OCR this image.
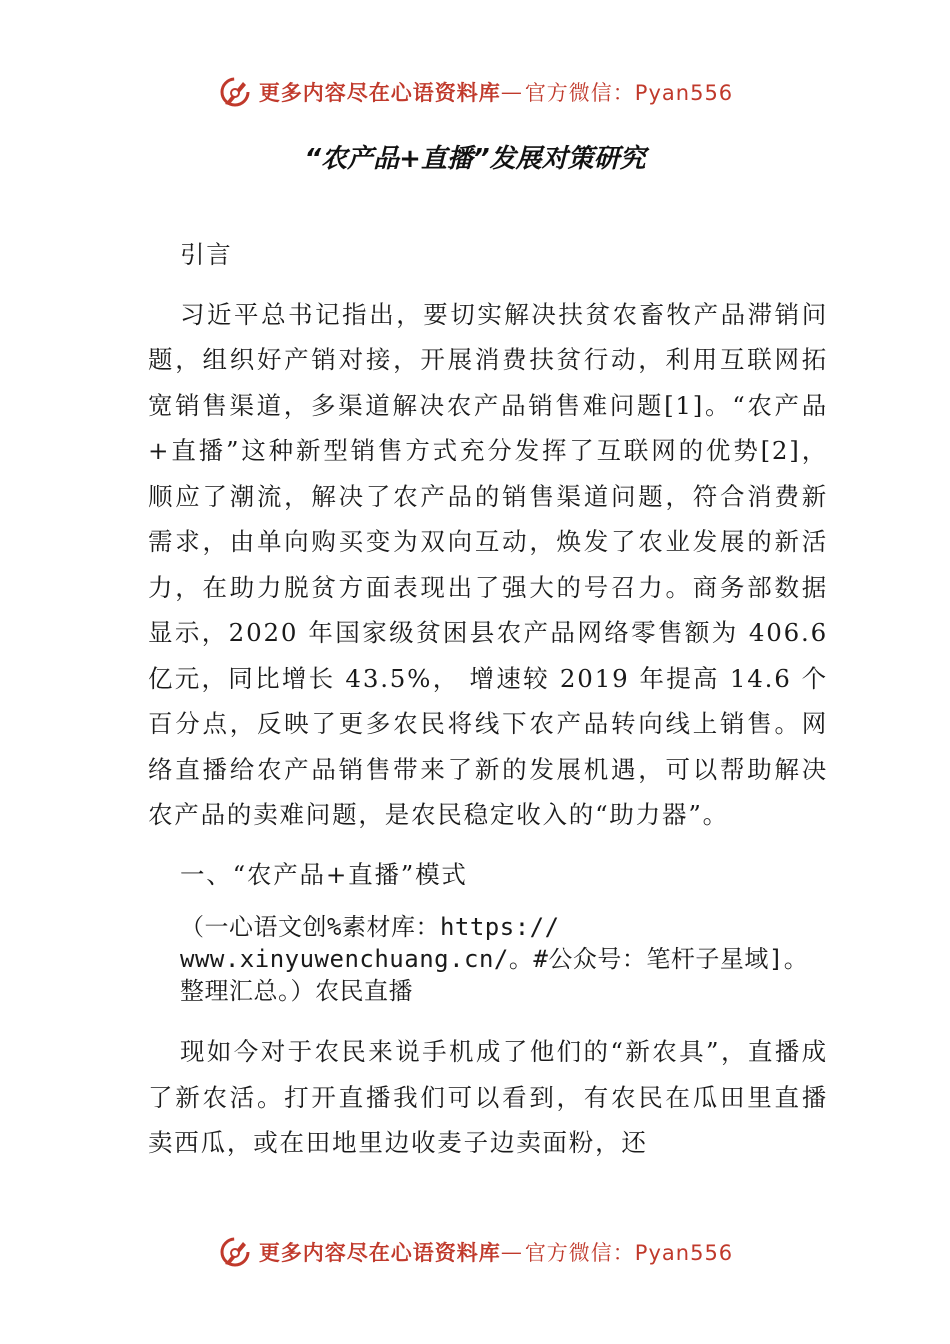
更多内容尽在心语资料库 — 官方微信：Pyan556
“农产品+直播”发展对策研究

引言

习近平总书记指出，要切实解决扶贫农畜牧产品滞销问题，组织好产销对接，开展消费扶贫行动，利用互联网拓宽销售渠道，多渠道解决农产品销售难问题[1]。“农产品+直播”这种新型销售方式充分发挥了互联网的优势[2]，顺应了潮流，解决了农产品的销售渠道问题，符合消费新需求，由单向购买变为双向互动，焕发了农业发展的新活力，在助力脱贫方面表现出了强大的号召力。商务部数据显示，2020 年国家级贫困县农产品网络零售额为 406.6 亿元，同比增长 43.5%， 增速较 2019 年提高 14.6 个百分点，反映了更多农民将线下农产品转向线上销售。网络直播给农产品销售带来了新的发展机遇，可以帮助解决农产品的卖难问题，是农民稳定收入的“助力器”。

一、“农产品+直播”模式

（一心语文创%素材库：https:// www.xinyuwenchuang.cn/。#公众号：笔杆子星域]。整理汇总。）农民直播

现如今对于农民来说手机成了他们的“新农具”，直播成了新农活。打开直播我们可以看到，有农民在瓜田里直播卖西瓜，或在田地里边收麦子边卖面粉，还

更多内容尽在心语资料库 — 官方微信：Pyan556
